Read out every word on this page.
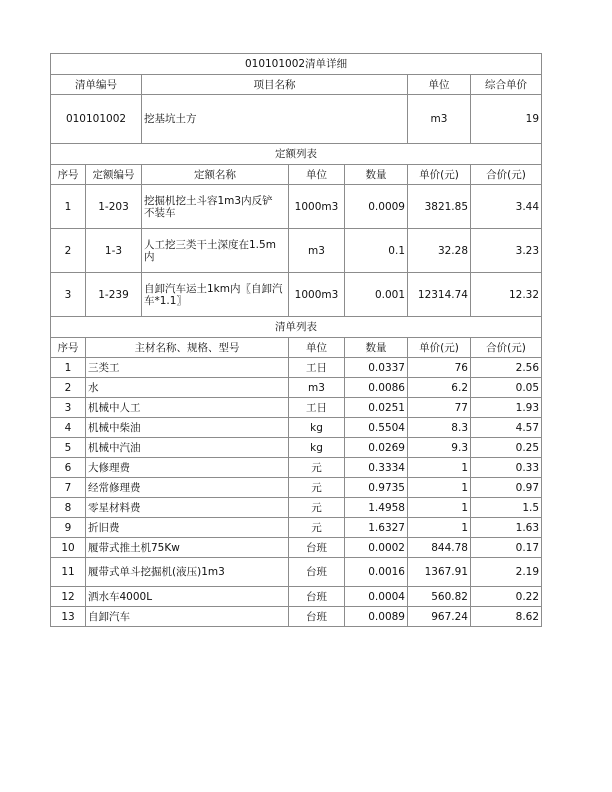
010101002清单详细						
清单编号		项目名称			单位	综合单价
010101002		挖基坑土方			m3	19
定额列表						
序号	定额编号	定额名称	单位	数量	单价(元)	合价(元)
1	1-203	挖掘机挖土斗容1m3内反铲 不装车	1000m3	0.0009	3821.85	3.44
2	1-3	人工挖三类干土深度在1.5m内	m3	0.1	32.28	3.23
3	1-239	自卸汽车运土1km内〖自卸汽车*1.1〗	1000m3	0.001	12314.74	12.32
清单列表						
序号	主材名称、规格、型号		单位	数量	单价(元)	合价(元)
1	三类工		工日	0.0337	76	2.56
2	水		m3	0.0086	6.2	0.05
3	机械中人工		工日	0.0251	77	1.93
4	机械中柴油		kg	0.5504	8.3	4.57
5	机械中汽油		kg	0.0269	9.3	0.25
6	大修理费		元	0.3334	1	0.33
7	经常修理费		元	0.9735	1	0.97
8	零星材料费		元	1.4958	1	1.5
9	折旧费		元	1.6327	1	1.63
10	履带式推土机75Kw		台班	0.0002	844.78	0.17
11	履带式单斗挖掘机(液压)1m3		台班	0.0016	1367.91	2.19
12	洒水车4000L		台班	0.0004	560.82	0.22
13	自卸汽车		台班	0.0089	967.24	8.62
